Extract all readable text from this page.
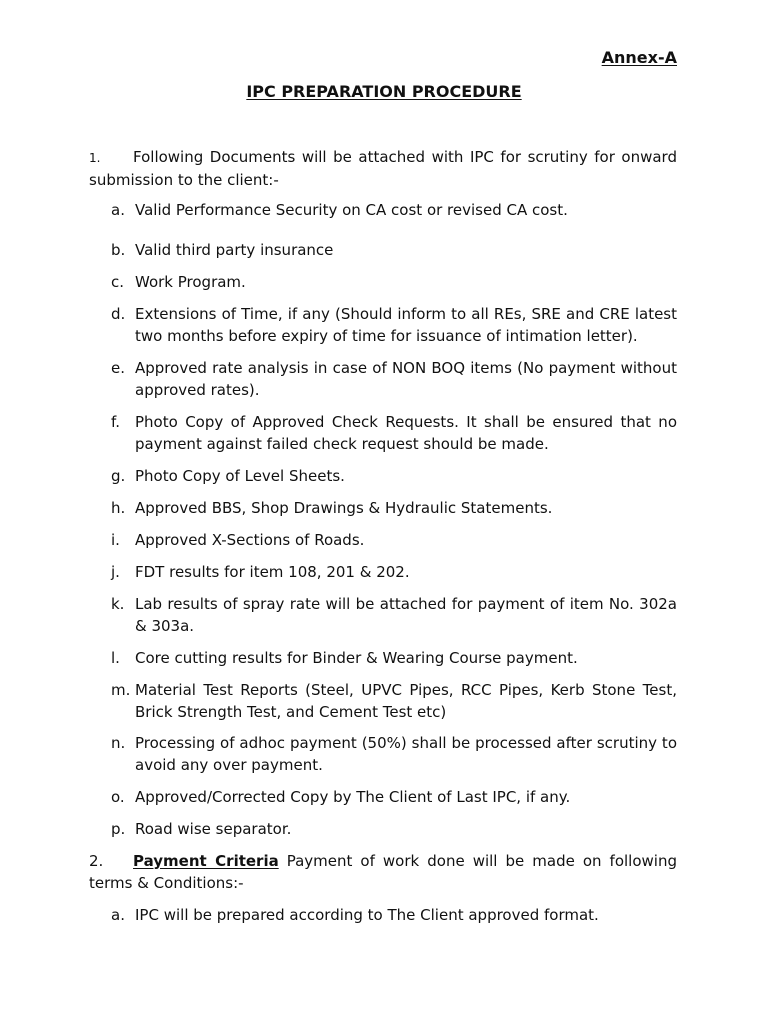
Annex-A
IPC PREPARATION PROCEDURE
1. Following Documents will be attached with IPC for scrutiny for onward submission to the client:-
a. Valid Performance Security on CA cost or revised CA cost.
b. Valid third party insurance
c. Work Program.
d. Extensions of Time, if any (Should inform to all REs, SRE and CRE latest two months before expiry of time for issuance of intimation letter).
e. Approved rate analysis in case of NON BOQ items (No payment without approved rates).
f.	Photo Copy of Approved Check Requests. It shall be ensured that no payment against failed check request should be made.
g. Photo Copy of Level Sheets.
h. Approved BBS, Shop Drawings & Hydraulic Statements.
i.	Approved X-Sections of Roads.
j.	FDT results for item 108, 201 & 202.
k. Lab results of spray rate will be attached for payment of item No. 302a & 303a.
l.	Core cutting results for Binder & Wearing Course payment.
m. Material Test Reports (Steel, UPVC Pipes, RCC Pipes, Kerb Stone Test, Brick Strength Test, and Cement Test etc)
n. Processing of adhoc payment (50%) shall be processed after scrutiny to avoid any over payment.
o. Approved/Corrected Copy by The Client of Last IPC, if any.
p. Road wise separator.
2. Payment Criteria Payment of work done will be made on following terms & Conditions:-
a. IPC will be prepared according to The Client approved format.
